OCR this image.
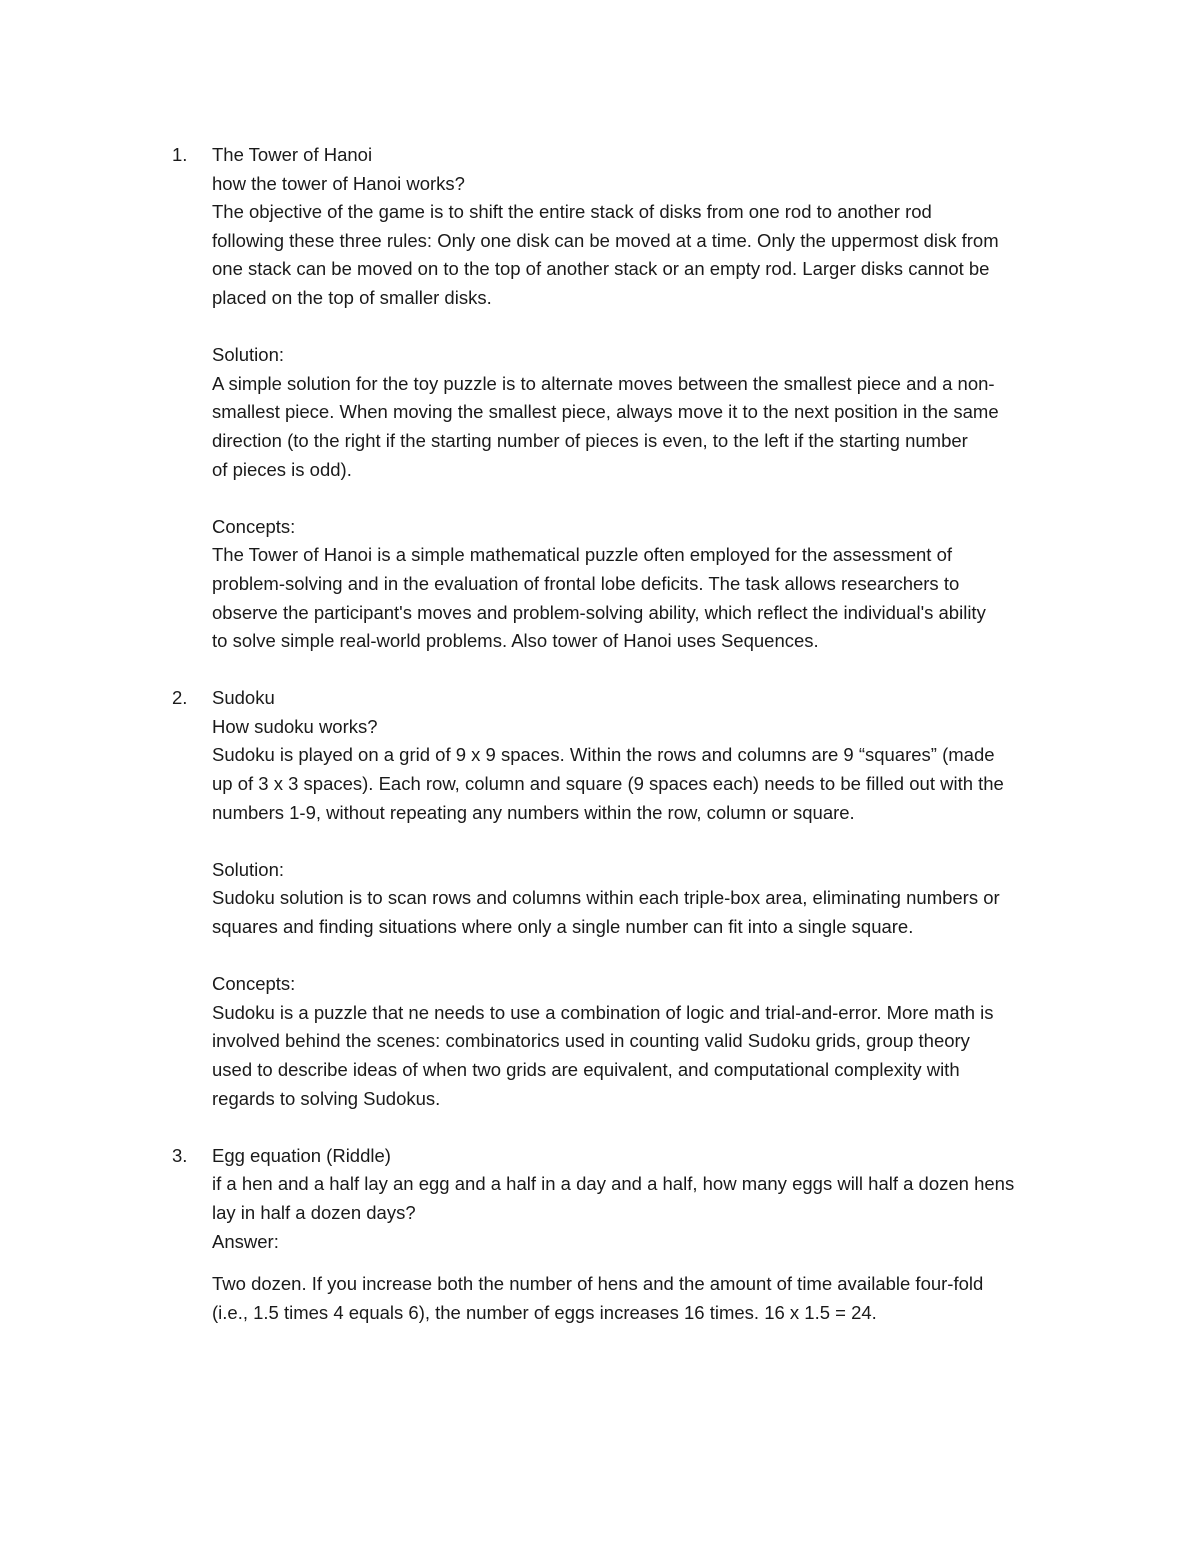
1. The Tower of Hanoi

how the tower of Hanoi works?

The objective of the game is to shift the entire stack of disks from one rod to another rod

following these three rules: Only one disk can be moved at a time. Only the uppermost disk from

one stack can be moved on to the top of another stack or an empty rod. Larger disks cannot be

placed on the top of smaller disks.

Solution:

A simple solution for the toy puzzle is to alternate moves between the smallest piece and a non-

smallest piece. When moving the smallest piece, always move it to the next position in the same

direction (to the right if the starting number of pieces is even, to the left if the starting number

of pieces is odd).

Concepts:

The Tower of Hanoi is a simple mathematical puzzle often employed for the assessment of

problem-solving and in the evaluation of frontal lobe deficits. The task allows researchers to

observe the participant's moves and problem-solving ability, which reflect the individual's ability

to solve simple real-world problems. Also tower of Hanoi uses Sequences.

2. Sudoku

How sudoku works?

Sudoku is played on a grid of 9 x 9 spaces. Within the rows and columns are 9 “squares” (made

up of 3 x 3 spaces). Each row, column and square (9 spaces each) needs to be filled out with the

numbers 1-9, without repeating any numbers within the row, column or square.

Solution:

Sudoku solution is to scan rows and columns within each triple-box area, eliminating numbers or

squares and finding situations where only a single number can fit into a single square.

Concepts:

Sudoku is a puzzle that ne needs to use a combination of logic and trial-and-error. More math is

involved behind the scenes: combinatorics used in counting valid Sudoku grids, group theory

used to describe ideas of when two grids are equivalent, and computational complexity with

regards to solving Sudokus.

3. Egg equation (Riddle)

if a hen and a half lay an egg and a half in a day and a half, how many eggs will half a dozen hens

lay in half a dozen days?

Answer:

Two dozen. If you increase both the number of hens and the amount of time available four-fold

(i.e., 1.5 times 4 equals 6), the number of eggs increases 16 times. 16 x 1.5 = 24.
